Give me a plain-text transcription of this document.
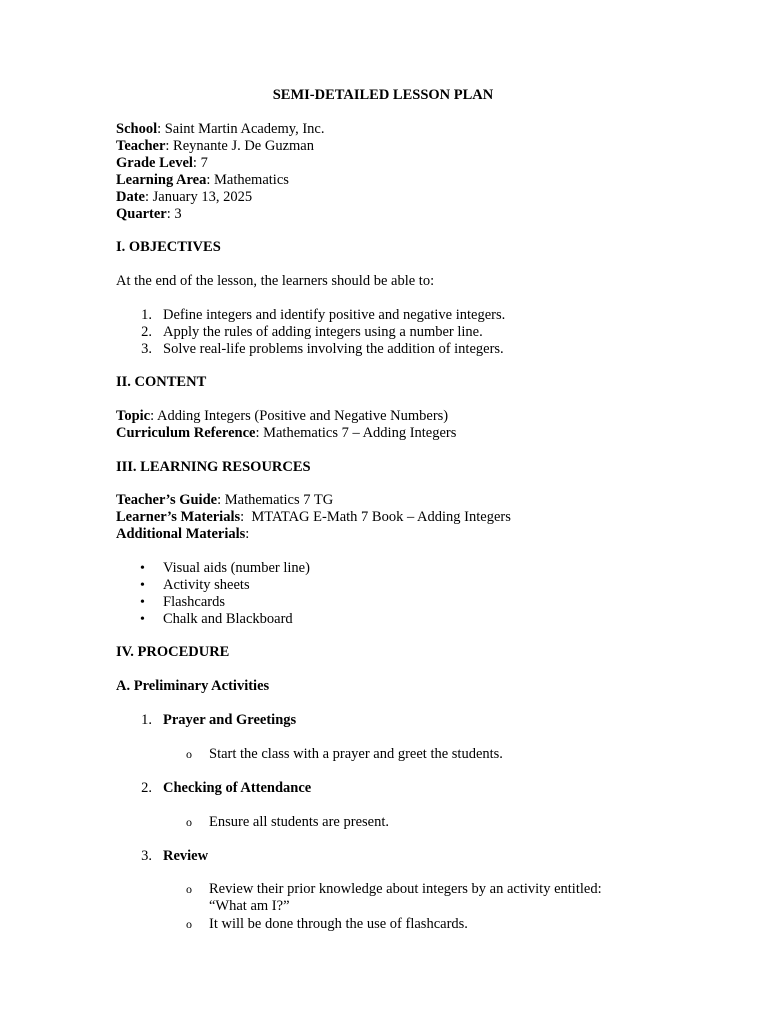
SEMI-DETAILED LESSON PLAN
School: Saint Martin Academy, Inc.
Teacher: Reynante J. De Guzman
Grade Level: 7
Learning Area: Mathematics
Date: January 13, 2025
Quarter: 3
I. OBJECTIVES
At the end of the lesson, the learners should be able to:
1. Define integers and identify positive and negative integers.
2. Apply the rules of adding integers using a number line.
3. Solve real-life problems involving the addition of integers.
II. CONTENT
Topic: Adding Integers (Positive and Negative Numbers)
Curriculum Reference: Mathematics 7 – Adding Integers
III. LEARNING RESOURCES
Teacher’s Guide: Mathematics 7 TG
Learner’s Materials:  MTATAG E-Math 7 Book – Adding Integers
Additional Materials:
• Visual aids (number line)
• Activity sheets
• Flashcards
• Chalk and Blackboard
IV. PROCEDURE
A. Preliminary Activities
1. Prayer and Greetings
o Start the class with a prayer and greet the students.
2. Checking of Attendance
o Ensure all students are present.
3. Review
o Review their prior knowledge about integers by an activity entitled:
“What am I?”
o It will be done through the use of flashcards.
